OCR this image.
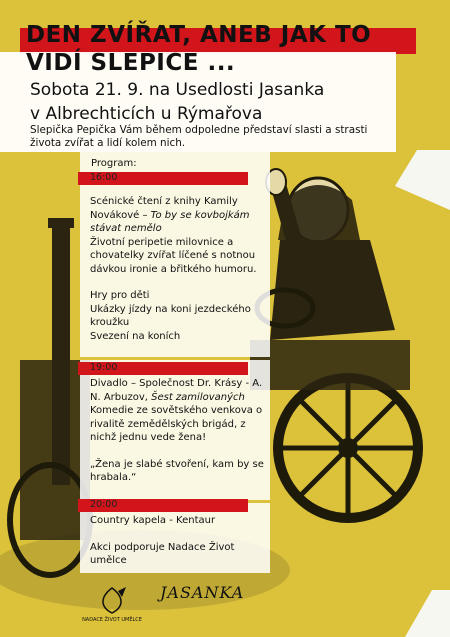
DEN ZVÍŘAT, ANEB JAK TO
VIDÍ SLEPICE ...
Sobota 21. 9. na Usedlosti Jasanka
v Albrechticích u Rýmařova
Slepička Pepička Vám během odpoledne představí slasti a strasti života zvířat a lidí kolem nich.
Program:
16:00
19:00
20:00

Scénické čtení z knihy Kamily Novákové – To by se kovbojkám stávat nemělo

Životní peripetie milovnice a chovatelky zvířat líčené s notnou dávkou ironie a břitkého humoru.

Hry pro děti

Ukázky jízdy na koni jezdeckého kroužku

Svezení na koních

Divadlo – Společnost Dr. Krásy - A. N. Arbuzov, Šest zamilovaných

Komedie ze sovětského venkova o rivalitě zemědělských brigád, z nichž jednu vede žena!

„Žena je slabé stvoření, kam by se hrabala.“

Country kapela - Kentaur

Akci podporuje Nadace Život umělce

NADACE ŽIVOT UMĚLCE
JASANKA
